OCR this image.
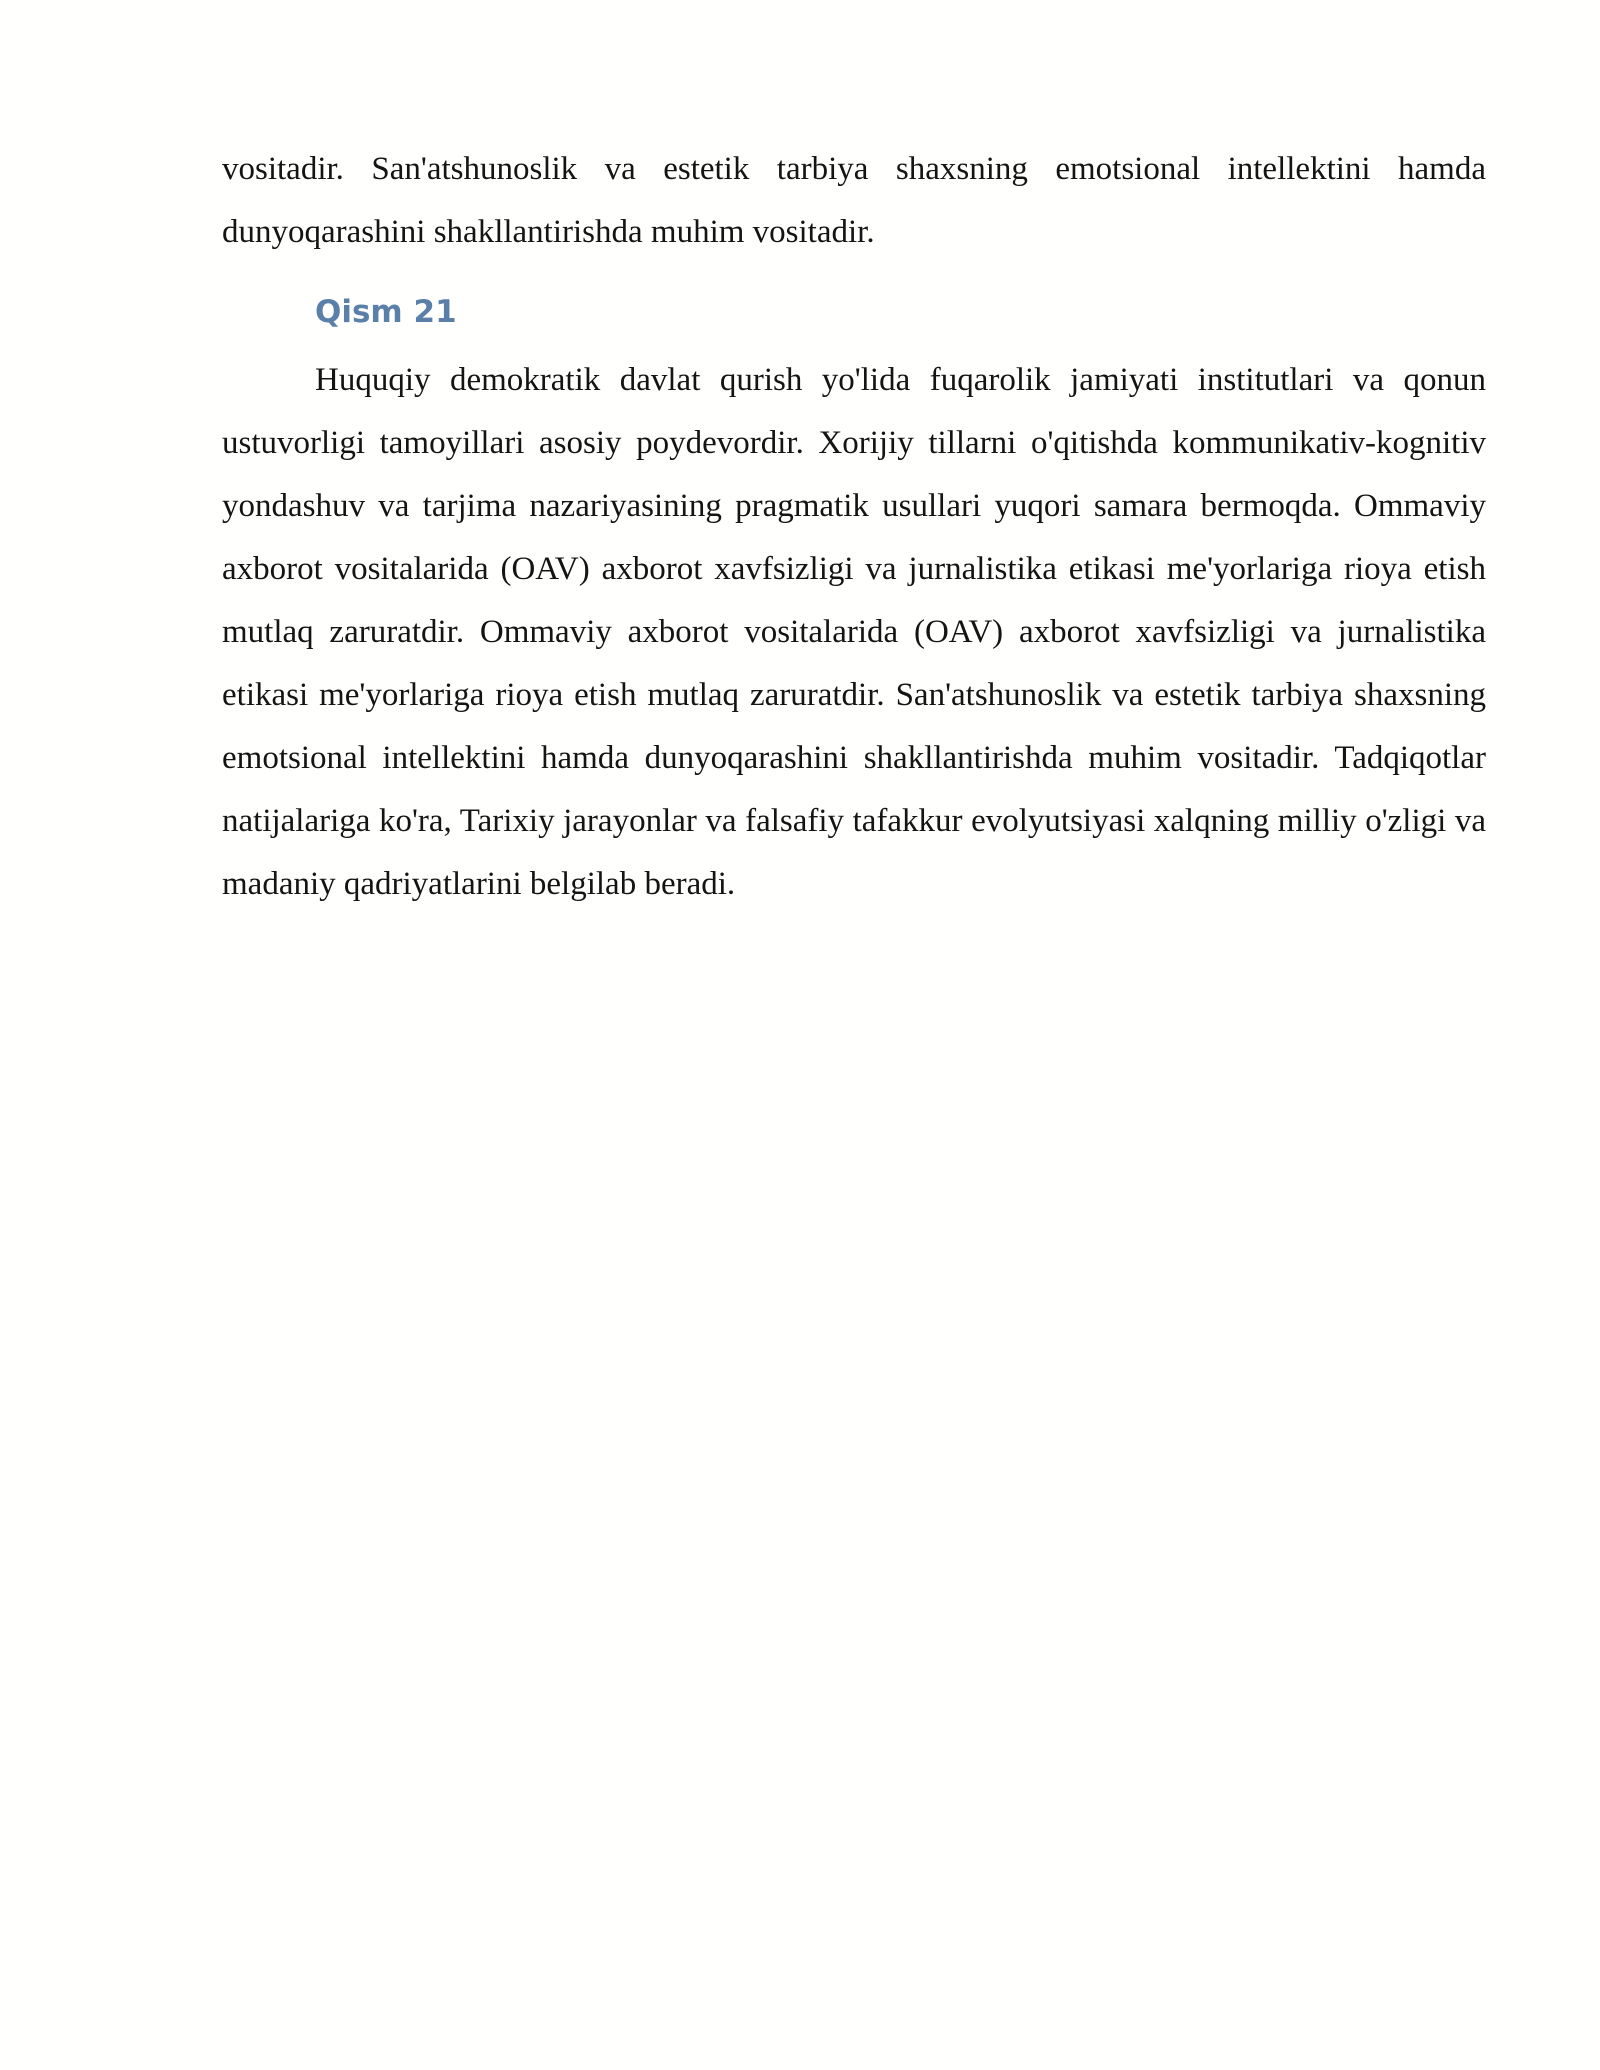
vositadir. San'atshunoslik va estetik tarbiya shaxsning emotsional intellektini hamda dunyoqarashini shakllantirishda muhim vositadir.

Qism 21

Huquqiy demokratik davlat qurish yo'lida fuqarolik jamiyati institutlari va qonun ustuvorligi tamoyillari asosiy poydevordir. Xorijiy tillarni o'qitishda kommunikativ-kognitiv yondashuv va tarjima nazariyasining pragmatik usullari yuqori samara bermoqda. Ommaviy axborot vositalarida (OAV) axborot xavfsizligi va jurnalistika etikasi me'yorlariga rioya etish mutlaq zaruratdir. Ommaviy axborot vositalarida (OAV) axborot xavfsizligi va jurnalistika etikasi me'yorlariga rioya etish mutlaq zaruratdir. San'atshunoslik va estetik tarbiya shaxsning emotsional intellektini hamda dunyoqarashini shakllantirishda muhim vositadir. Tadqiqotlar natijalariga ko'ra, Tarixiy jarayonlar va falsafiy tafakkur evolyutsiyasi xalqning milliy o'zligi va madaniy qadriyatlarini belgilab beradi.
